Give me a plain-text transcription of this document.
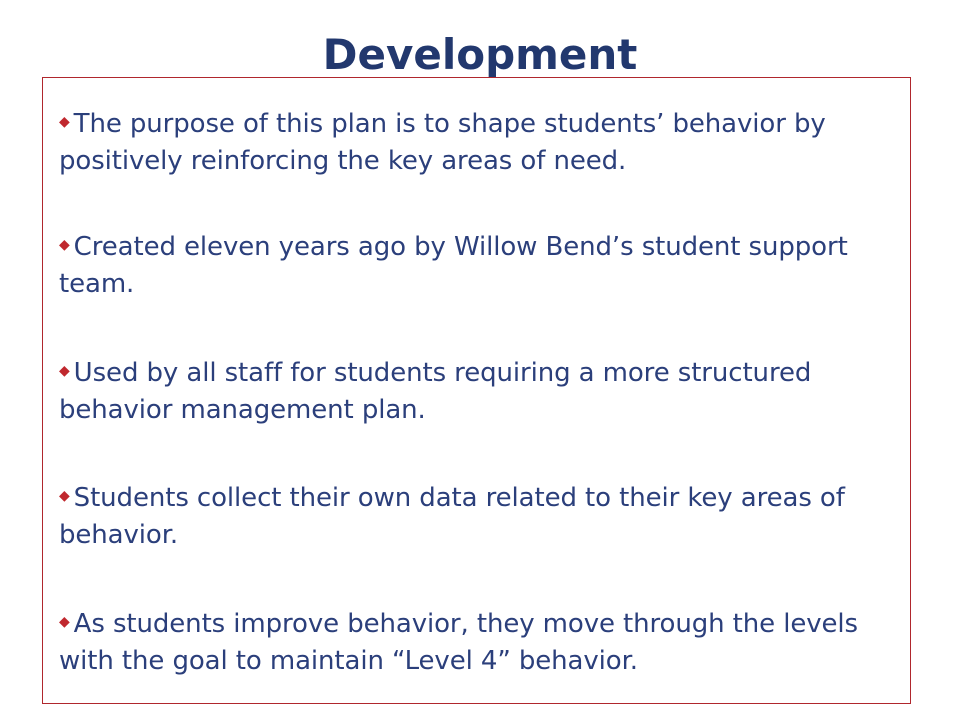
Development
◆ The purpose of this plan is to shape students’ behavior by positively reinforcing the key areas of need.
◆ Created eleven years ago by Willow Bend’s student support team.
◆ Used by all staff for students requiring a more structured behavior management plan.
◆ Students collect their own data related to their key areas of behavior.
◆ As students improve behavior, they move through the levels with the goal to maintain “Level 4” behavior.
